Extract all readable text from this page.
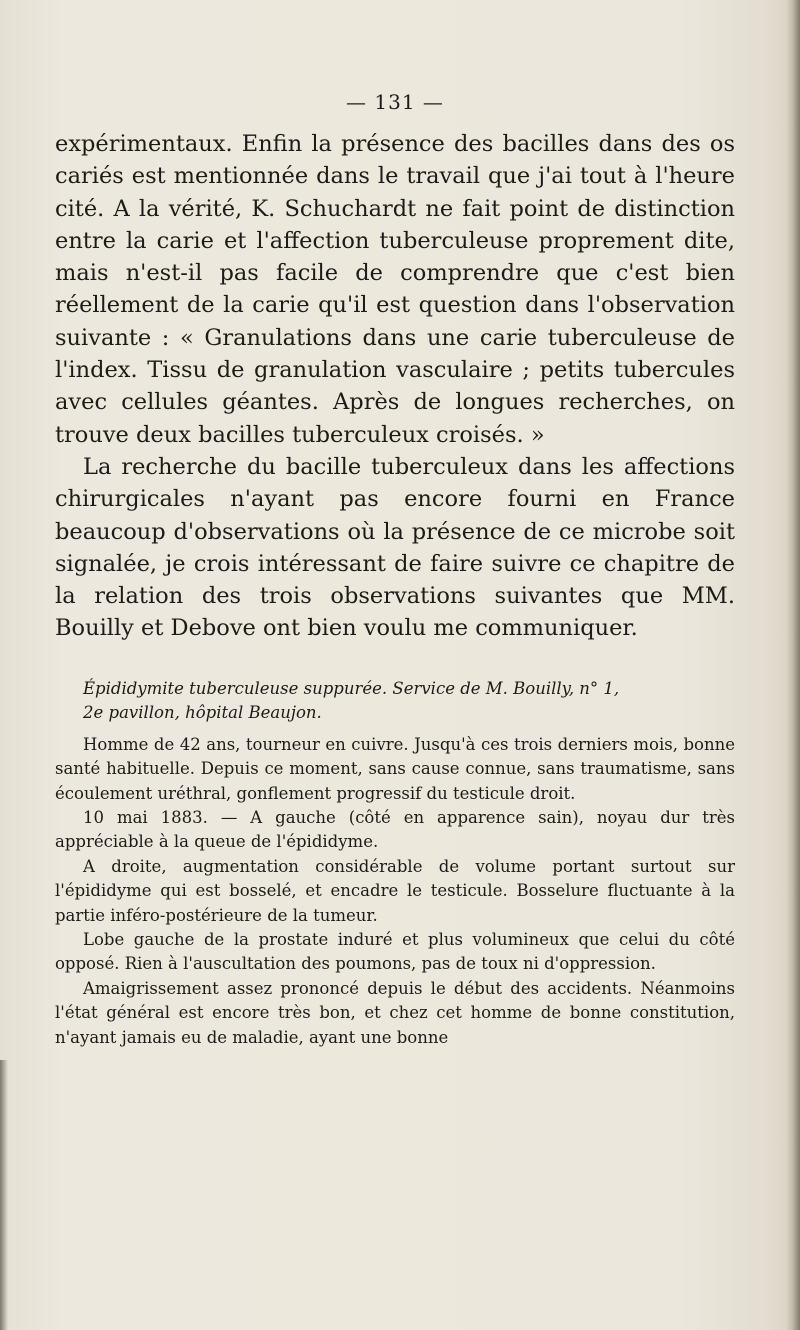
— 131 —

expérimentaux. Enfin la présence des bacilles dans des os cariés est mentionnée dans le travail que j'ai tout à l'heure cité. A la vérité, K. Schuchardt ne fait point de distinction entre la carie et l'affection tuberculeuse proprement dite, mais n'est-il pas facile de comprendre que c'est bien réellement de la carie qu'il est question dans l'observation suivante : « Granulations dans une carie tuberculeuse de l'index. Tissu de granulation vasculaire ; petits tubercules avec cellules géantes. Après de longues recherches, on trouve deux bacilles tuberculeux croisés. »

La recherche du bacille tuberculeux dans les affections chirurgicales n'ayant pas encore fourni en France beaucoup d'observations où la présence de ce microbe soit signalée, je crois intéressant de faire suivre ce chapitre de la relation des trois observations suivantes que MM. Bouilly et Debove ont bien voulu me communiquer.

Épididymite tuberculeuse suppurée. Service de M. Bouilly, n° 1,
2e pavillon, hôpital Beaujon.

Homme de 42 ans, tourneur en cuivre. Jusqu'à ces trois derniers mois, bonne santé habituelle. Depuis ce moment, sans cause connue, sans traumatisme, sans écoulement uréthral, gonflement progressif du testicule droit.

10 mai 1883. — A gauche (côté en apparence sain), noyau dur très appréciable à la queue de l'épididyme.

A droite, augmentation considérable de volume portant surtout sur l'épididyme qui est bosselé, et encadre le testicule. Bosselure fluctuante à la partie inféro-postérieure de la tumeur.

Lobe gauche de la prostate induré et plus volumineux que celui du côté opposé. Rien à l'auscultation des poumons, pas de toux ni d'oppression.

Amaigrissement assez prononcé depuis le début des accidents. Néanmoins l'état général est encore très bon, et chez cet homme de bonne constitution, n'ayant jamais eu de maladie, ayant une bonne
